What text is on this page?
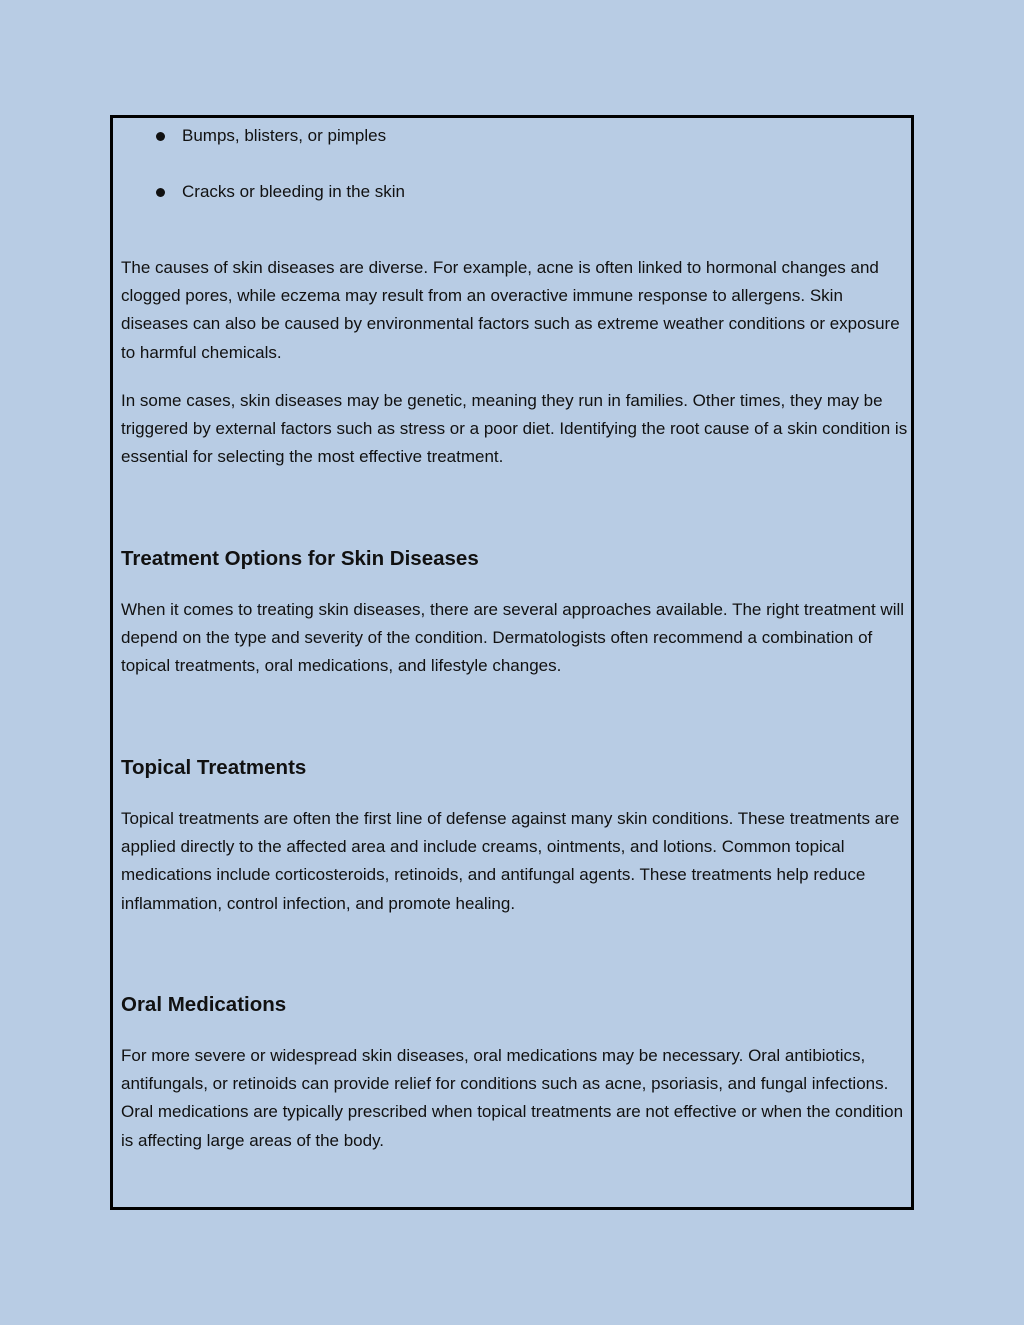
Bumps, blisters, or pimples
Cracks or bleeding in the skin

The causes of skin diseases are diverse. For example, acne is often linked to hormonal changes and clogged pores, while eczema may result from an overactive immune response to allergens. Skin diseases can also be caused by environmental factors such as extreme weather conditions or exposure to harmful chemicals.

In some cases, skin diseases may be genetic, meaning they run in families. Other times, they may be triggered by external factors such as stress or a poor diet. Identifying the root cause of a skin condition is essential for selecting the most effective treatment.

Treatment Options for Skin Diseases

When it comes to treating skin diseases, there are several approaches available. The right treatment will depend on the type and severity of the condition. Dermatologists often recommend a combination of topical treatments, oral medications, and lifestyle changes.

Topical Treatments

Topical treatments are often the first line of defense against many skin conditions. These treatments are applied directly to the affected area and include creams, ointments, and lotions. Common topical medications include corticosteroids, retinoids, and antifungal agents. These treatments help reduce inflammation, control infection, and promote healing.

Oral Medications

For more severe or widespread skin diseases, oral medications may be necessary. Oral antibiotics, antifungals, or retinoids can provide relief for conditions such as acne, psoriasis, and fungal infections. Oral medications are typically prescribed when topical treatments are not effective or when the condition is affecting large areas of the body.
